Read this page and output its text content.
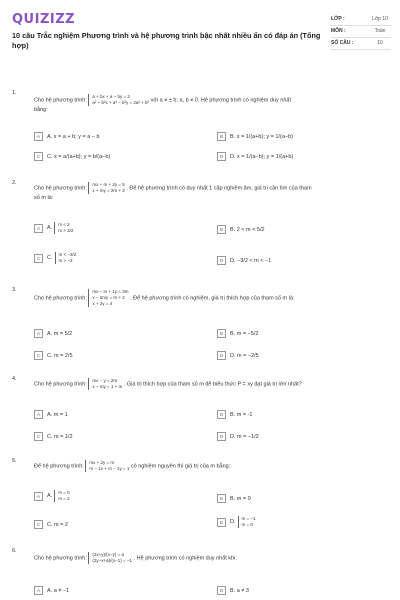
QUIZIZZ
10 câu Trắc nghiệm Phương trình và hệ phương trình bậc nhất nhiều ẩn có đáp án (Tổng hợp)
LỚP :	Lớp 10
MÔN :	Toán
SỐ CÂU :	10
1.
Cho hệ phương trình:
a + bx + a − by = 2
a² + b²x + a³ − b³y = 2a² + b² với a ≠ ± b; a, b ≠ 0. Hệ phương trình có nghiệm duy nhất
bằng:
A	A. x = a + b; y = a − b	B	B. x = 1/(a+b); y = 1/(a−b)
C	C. x = a/(a+b); y = b/(a−b)	D	D. x = 1/(a−b); y = 1/(a+b)
2.
Cho hệ phương trình:
mx + m + 2y = 5
x + my = 2m + 3 . Để hệ phương trình có duy nhất 1 cặp nghiệm âm, giá trị cần tìm của tham
số m là:
A	A.
m < 2
m > 3/2	B	B. 2 < m < 5/2
C	C.
m < −3/2
m > −2	D	D. −3/2 < m < −1
3.
Cho hệ phương trình:
mx − m + 1y = 3m
x − 2my = m + 2
x + 2y = 4
. Để hệ phương trình có nghiệm, giá trị thích hợp của tham số m là:
A	A. m = 5/2	B	B. m = −5/2
C	C. m = 2/5	D	D. m = −2/5
4.
Cho hệ phương trình:
mx − y = 2m
x − my = 1 + m . Giá trị thích hợp của tham số m để biểu thức P = xy đạt giá trị lớn nhất?
A	A. m = 1	B	B. m = -1
C	C. m = 1/2	D	D. m = −1/2
5.
Để hệ phương trình:
mx + 2y = m
m − 1x + m − 1y = 1 có nghiệm nguyên thì giá trị của m bằng:
A	A.
m = 0
m = 2	B	B. m = 0
C	C. m = 2	D	D.
m = −1
m = 0
6.
Cho hệ phương trình:
(2x+y)/(x−y) = a
(2y−x+a)/(x−1) = −1 . Hệ phương trình có nghiệm duy nhất khi:
A	A. a ≠ −1	B	B. a ≠ 3
